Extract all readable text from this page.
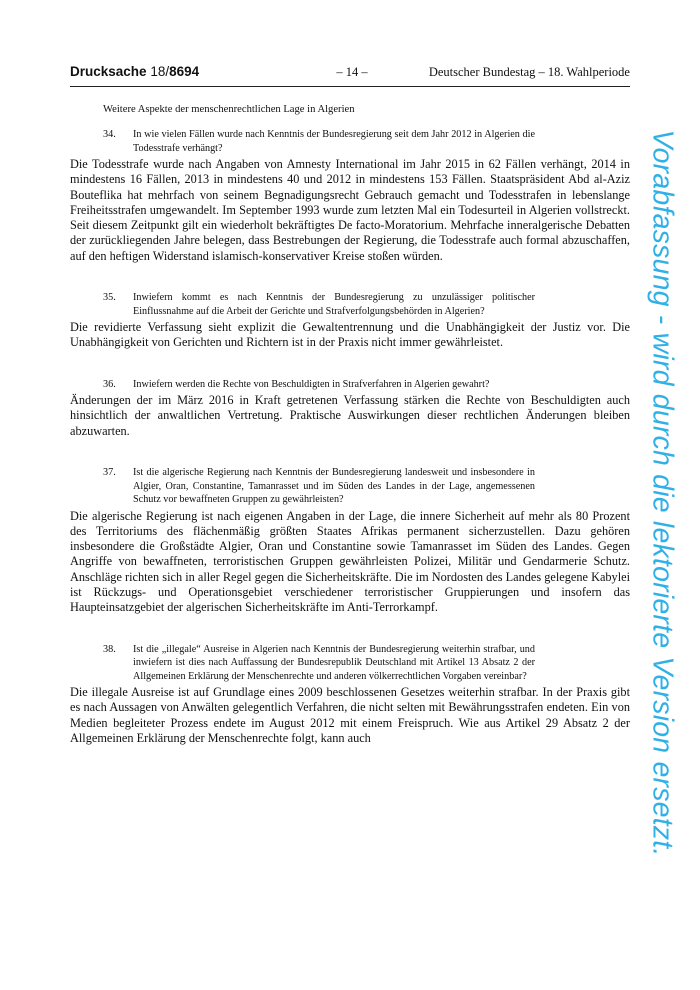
Drucksache 18/8694	– 14 –	Deutscher Bundestag – 18. Wahlperiode

Weitere Aspekte der menschenrechtlichen Lage in Algerien

34.	In wie vielen Fällen wurde nach Kenntnis der Bundesregierung seit dem Jahr 2012 in Algerien die Todesstrafe verhängt?

Die Todesstrafe wurde nach Angaben von Amnesty International im Jahr 2015 in 62 Fällen verhängt, 2014 in mindestens 16 Fällen, 2013 in mindestens 40 und 2012 in mindestens 153 Fällen. Staatspräsident Abd al-Aziz Bouteflika hat mehrfach von seinem Begnadigungsrecht Gebrauch gemacht und Todesstrafen in lebenslange Freiheitsstrafen umgewandelt. Im September 1993 wurde zum letzten Mal ein Todesurteil in Algerien vollstreckt. Seit diesem Zeitpunkt gilt ein wiederholt bekräftigtes De facto-Moratorium. Mehrfache inneralgerische Debatten der zurückliegenden Jahre belegen, dass Bestrebungen der Regierung, die Todesstrafe auch formal abzuschaffen, auf den heftigen Widerstand islamisch-konservativer Kreise stoßen würden.

35.	Inwiefern kommt es nach Kenntnis der Bundesregierung zu unzulässiger politischer Einflussnahme auf die Arbeit der Gerichte und Strafverfolgungsbehörden in Algerien?

Die revidierte Verfassung sieht explizit die Gewaltentrennung und die Unabhängigkeit der Justiz vor. Die Unabhängigkeit von Gerichten und Richtern ist in der Praxis nicht immer gewährleistet.

36.	Inwiefern werden die Rechte von Beschuldigten in Strafverfahren in Algerien gewahrt?

Änderungen der im März 2016 in Kraft getretenen Verfassung stärken die Rechte von Beschuldigten auch hinsichtlich der anwaltlichen Vertretung. Praktische Auswirkungen dieser rechtlichen Änderungen bleiben abzuwarten.

37.	Ist die algerische Regierung nach Kenntnis der Bundesregierung landesweit und insbesondere in Algier, Oran, Constantine, Tamanrasset und im Süden des Landes in der Lage, angemessenen Schutz vor bewaffneten Gruppen zu gewährleisten?

Die algerische Regierung ist nach eigenen Angaben in der Lage, die innere Sicherheit auf mehr als 80 Prozent des Territoriums des flächenmäßig größten Staates Afrikas permanent sicherzustellen. Dazu gehören insbesondere die Großstädte Algier, Oran und Constantine sowie Tamanrasset im Süden des Landes. Gegen Angriffe von bewaffneten, terroristischen Gruppen gewährleisten Polizei, Militär und Gendarmerie Schutz. Anschläge richten sich in aller Regel gegen die Sicherheitskräfte. Die im Nordosten des Landes gelegene Kabylei ist Rückzugs- und Operationsgebiet verschiedener terroristischer Gruppierungen und insofern das Haupteinsatzgebiet der algerischen Sicherheitskräfte im Anti-Terrorkampf.

38.	Ist die „illegale“ Ausreise in Algerien nach Kenntnis der Bundesregierung weiterhin strafbar, und inwiefern ist dies nach Auffassung der Bundesrepublik Deutschland mit Artikel 13 Absatz 2 der Allgemeinen Erklärung der Menschenrechte und anderen völkerrechtlichen Vorgaben vereinbar?

Die illegale Ausreise ist auf Grundlage eines 2009 beschlossenen Gesetzes weiterhin strafbar. In der Praxis gibt es nach Aussagen von Anwälten gelegentlich Verfahren, die nicht selten mit Bewährungsstrafen endeten. Ein von Medien begleiteter Prozess endete im August 2012 mit einem Freispruch. Wie aus Artikel 29 Absatz 2 der Allgemeinen Erklärung der Menschenrechte folgt, kann auch	Vorabfassung - wird durch die lektorierte Version ersetzt.
